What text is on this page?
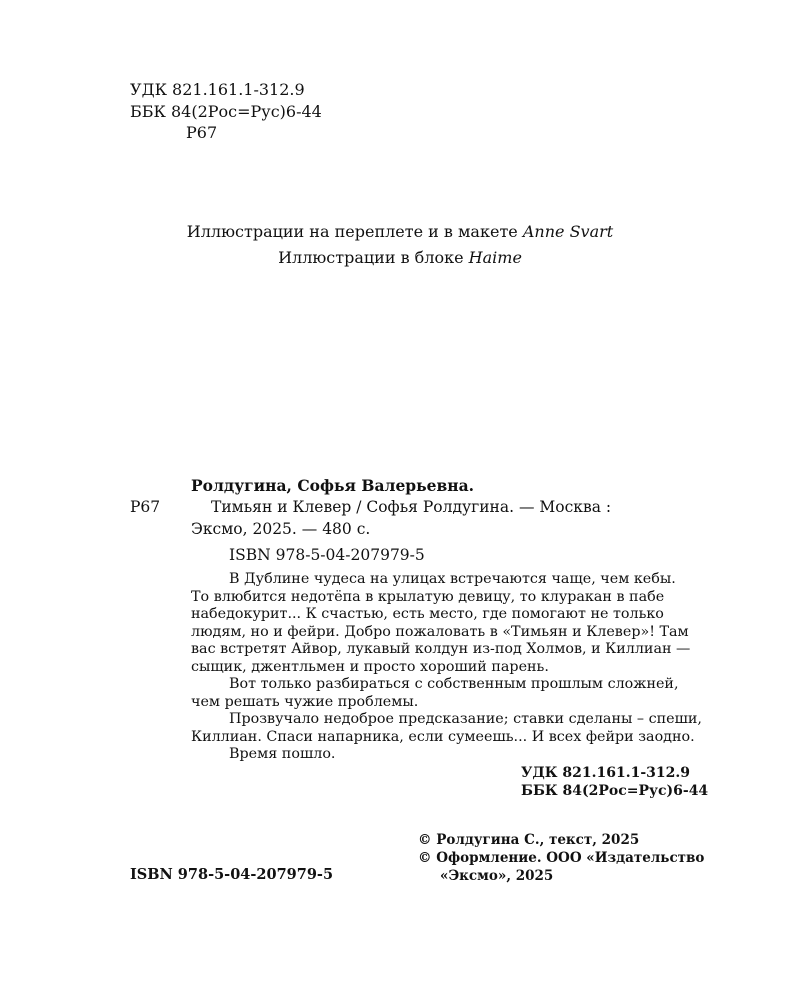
УДК 821.161.1-312.9
ББК 84(2Рос=Рус)6-44
Р67
Иллюстрации на переплете и в макете Anne Svart
Иллюстрации в блоке Haime
Ролдугина, Софья Валерьевна.
Р67	Тимьян и Клевер / Софья Ролдугина. — Москва :
Эксмо, 2025. — 480 с.
ISBN 978-5-04-207979-5

В Дублине чудеса на улицах встречаются чаще, чем кебы.

То влюбится недотёпа в крылатую девицу, то клуракан в пабе

набедокурит... К счастью, есть место, где помогают не только

людям, но и фейри. Добро пожаловать в «Тимьян и Клевер»! Там

вас встретят Айвор, лукавый колдун из-под Холмов, и Киллиан —

сыщик, джентльмен и просто хороший парень.

Вот только разбираться с собственным прошлым сложней,

чем решать чужие проблемы.

Прозвучало недоброе предсказание; ставки сделаны – спеши,

Киллиан. Спаси напарника, если сумеешь... И всех фейри заодно.

Время пошло.

УДК 821.161.1-312.9
ББК 84(2Рос=Рус)6-44
ISBN 978-5-04-207979-5
© Ролдугина С., текст, 2025
© Оформление. ООО «Издательство
«Эксмо», 2025
